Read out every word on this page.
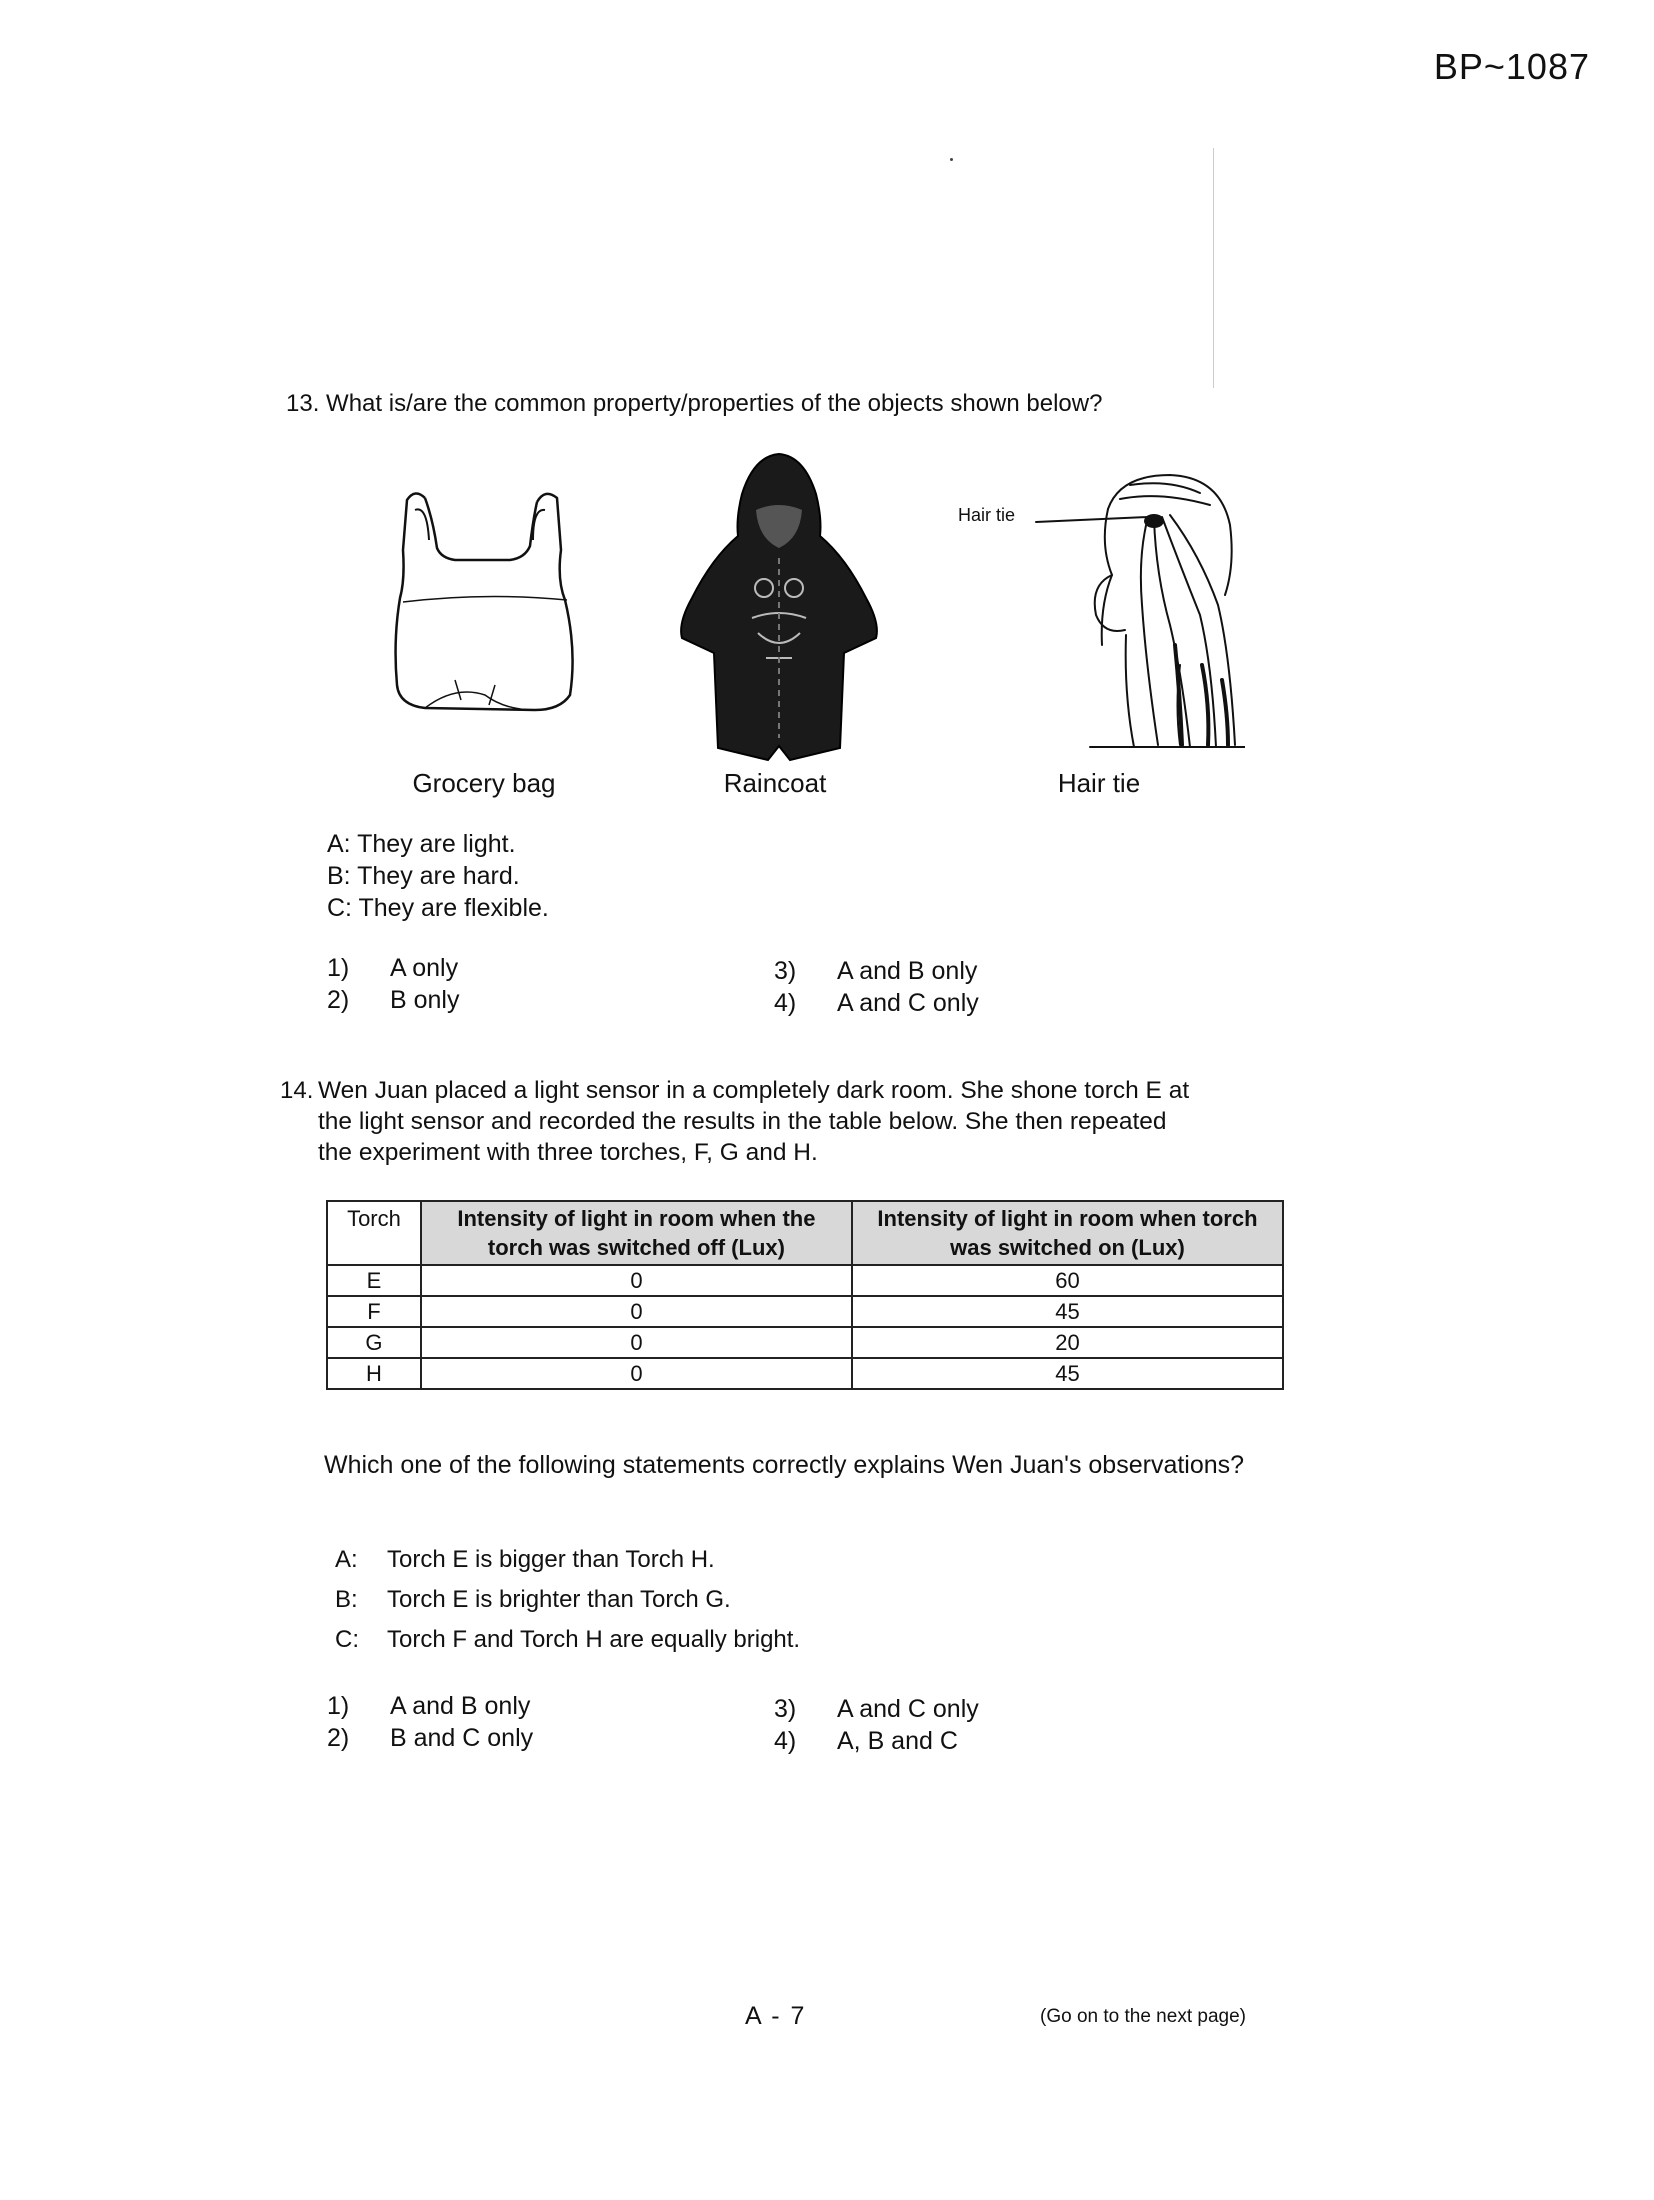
BP~1087
13. What is/are the common property/properties of the objects shown below?
Hair tie
Grocery bag	Raincoat	Hair tie
A: They are light.
B: They are hard.
C: They are flexible.
1) A only
2) B only
3) A and B only
4) A and C only
14. Wen Juan placed a light sensor in a completely dark room. She shone torch E at
the light sensor and recorded the results in the table below. She then repeated
the experiment with three torches, F, G and H.
Torch	Intensity of light in room when the torch was switched off (Lux)	Intensity of light in room when torch was switched on (Lux)
E	0	60
F	0	45
G	0	20
H	0	45
Which one of the following statements correctly explains Wen Juan's observations?
A: Torch E is bigger than Torch H.
B: Torch E is brighter than Torch G.
C: Torch F and Torch H are equally bright.
1) A and B only
2) B and C only
3) A and C only
4) A, B and C
A - 7	(Go on to the next page)
